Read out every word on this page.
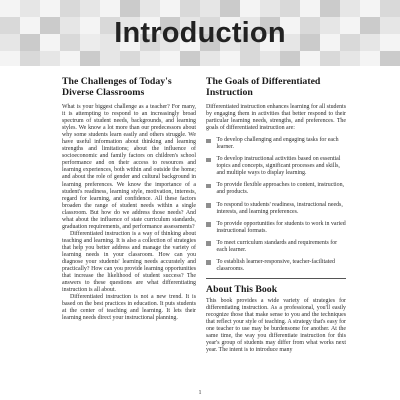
Introduction
The Challenges of Today's
Diverse Classrooms

What is your biggest challenge as a teacher? For many, it is attempting to respond to an increasingly broad spectrum of student needs, backgrounds, and learning styles. We know a lot more than our predecessors about why some students learn easily and others struggle. We have useful information about thinking and learning strengths and limitations; about the influence of socioeconomic and family factors on children's school performance and on their access to resources and learning experiences, both within and outside the home; and about the role of gender and cultural background in learning preferences. We know the importance of a student's readiness, learning style, motivation, interests, regard for learning, and confidence. All these factors broaden the range of student needs within a single classroom. But how do we address those needs? And what about the influence of state curriculum standards, graduation requirements, and performance assessments?

Differentiated instruction is a way of thinking about teaching and learning. It is also a collection of strategies that help you better address and manage the variety of learning needs in your classroom. How can you diagnose your students' learning needs accurately and practically? How can you provide learning opportunities that increase the likelihood of student success? The answers to these questions are what differentiating instruction is all about.

Differentiated instruction is not a new trend. It is based on the best practices in education. It puts students at the center of teaching and learning. It lets their learning needs direct your instructional planning.

The Goals of Differentiated
Instruction

Differentiated instruction enhances learning for all students by engaging them in activities that better respond to their particular learning needs, strengths, and preferences. The goals of differentiated instruction are:

To develop challenging and engaging tasks for each learner.
To develop instructional activities based on essential topics and concepts, significant processes and skills, and multiple ways to display learning.
To provide flexible approaches to content, instruction, and products.
To respond to students' readiness, instructional needs, interests, and learning preferences.
To provide opportunities for students to work in varied instructional formats.
To meet curriculum standards and requirements for each learner.
To establish learner-responsive, teacher-facilitated classrooms.
About This Book

This book provides a wide variety of strategies for differentiating instruction. As a professional, you'll easily recognize those that make sense to you and the techniques that reflect your style of teaching. A strategy that's easy for one teacher to use may be burdensome for another. At the same time, the way you differentiate instruction for this year's group of students may differ from what works next year. The intent is to introduce many

1
